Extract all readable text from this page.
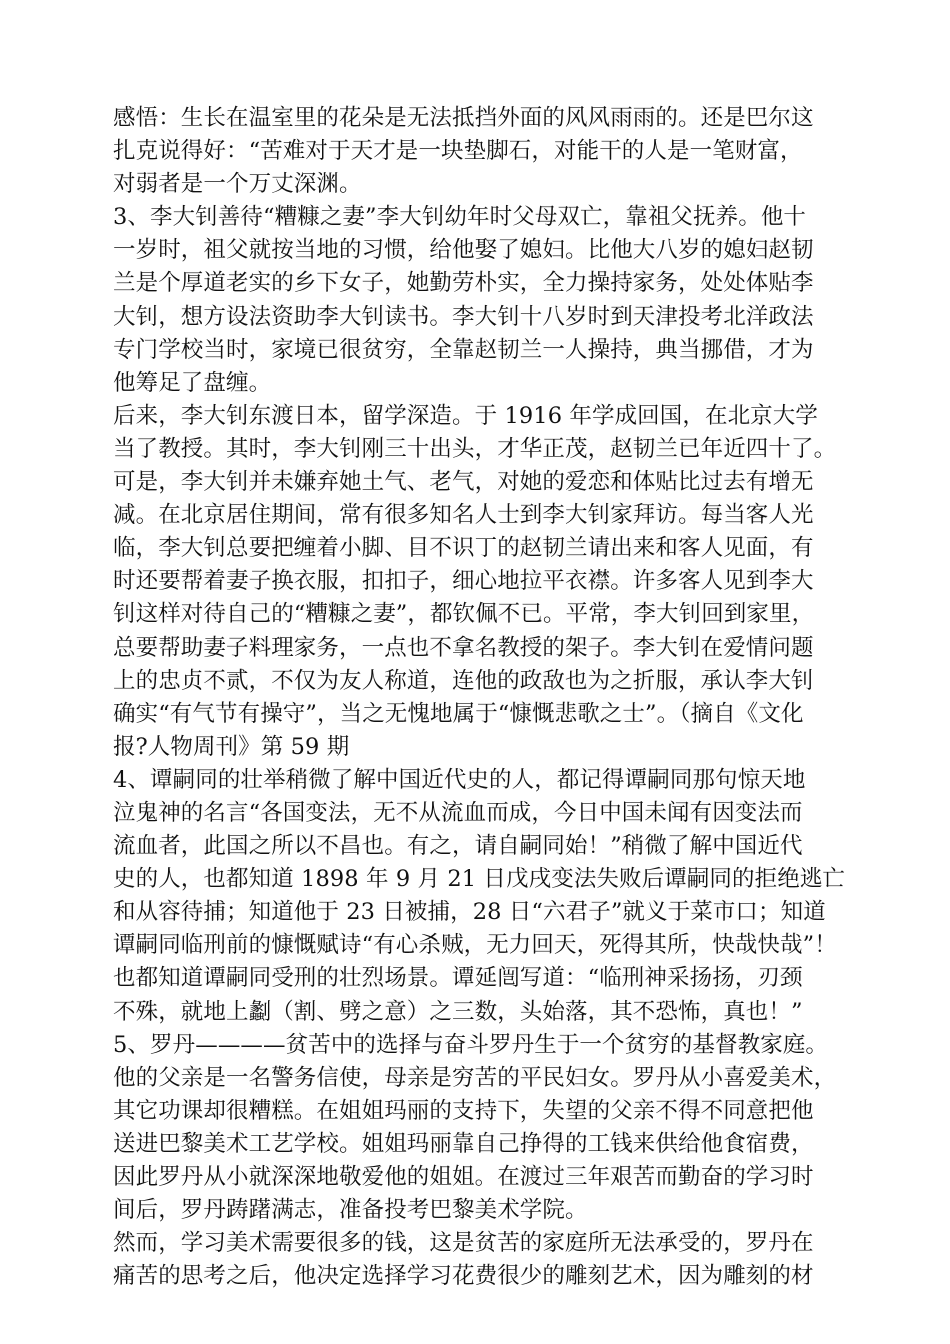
感悟：生长在温室里的花朵是无法抵挡外面的风风雨雨的。还是巴尔这
扎克说得好：“苦难对于天才是一块垫脚石，对能干的人是一笔财富，
对弱者是一个万丈深渊。
3、李大钊善待“糟糠之妻”李大钊幼年时父母双亡，靠祖父抚养。他十
一岁时，祖父就按当地的习惯，给他娶了媳妇。比他大八岁的媳妇赵韧
兰是个厚道老实的乡下女子，她勤劳朴实，全力操持家务，处处体贴李
大钊，想方设法资助李大钊读书。李大钊十八岁时到天津投考北洋政法
专门学校当时，家境已很贫穷，全靠赵韧兰一人操持，典当挪借，才为
他筹足了盘缠。
后来，李大钊东渡日本，留学深造。于 1916 年学成回国，在北京大学
当了教授。其时，李大钊刚三十出头，才华正茂，赵韧兰已年近四十了。
可是，李大钊并未嫌弃她土气、老气，对她的爱恋和体贴比过去有增无
减。在北京居住期间，常有很多知名人士到李大钊家拜访。每当客人光
临，李大钊总要把缠着小脚、目不识丁的赵韧兰请出来和客人见面，有
时还要帮着妻子换衣服，扣扣子，细心地拉平衣襟。许多客人见到李大
钊这样对待自己的“糟糠之妻”，都钦佩不已。平常，李大钊回到家里，
总要帮助妻子料理家务，一点也不拿名教授的架子。李大钊在爱情问题
上的忠贞不贰，不仅为友人称道，连他的政敌也为之折服，承认李大钊
确实“有气节有操守”，当之无愧地属于“慷慨悲歌之士”。（摘自《文化
报?人物周刊》第 59 期
4、谭嗣同的壮举稍微了解中国近代史的人，都记得谭嗣同那句惊天地
泣鬼神的名言“各国变法，无不从流血而成，今日中国未闻有因变法而
流血者，此国之所以不昌也。有之，请自嗣同始！”稍微了解中国近代
史的人，也都知道 1898 年 9 月 21 日戊戌变法失败后谭嗣同的拒绝逃亡
和从容待捕；知道他于 23 日被捕，28 日“六君子”就义于菜市口；知道
谭嗣同临刑前的慷慨赋诗“有心杀贼，无力回天，死得其所，快哉快哉”！
也都知道谭嗣同受刑的壮烈场景。谭延闿写道：“临刑神采扬扬，刃颈
不殊，就地上劙（割、劈之意）之三数，头始落，其不恐怖，真也！”
5、罗丹————贫苦中的选择与奋斗罗丹生于一个贫穷的基督教家庭。
他的父亲是一名警务信使，母亲是穷苦的平民妇女。罗丹从小喜爱美术，
其它功课却很糟糕。在姐姐玛丽的支持下，失望的父亲不得不同意把他
送进巴黎美术工艺学校。姐姐玛丽靠自己挣得的工钱来供给他食宿费，
因此罗丹从小就深深地敬爱他的姐姐。在渡过三年艰苦而勤奋的学习时
间后，罗丹踌躇满志，准备投考巴黎美术学院。
然而，学习美术需要很多的钱，这是贫苦的家庭所无法承受的，罗丹在
痛苦的思考之后，他决定选择学习花费很少的雕刻艺术，因为雕刻的材
